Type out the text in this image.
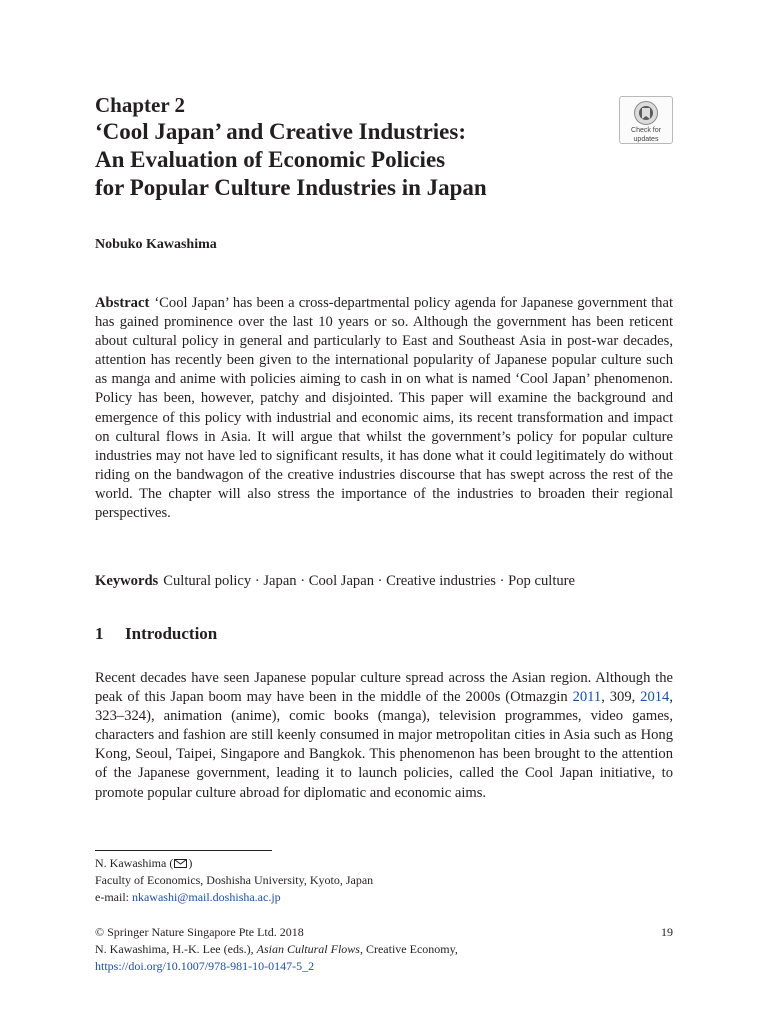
Chapter 2
‘Cool Japan’ and Creative Industries:
An Evaluation of Economic Policies
for Popular Culture Industries in Japan
Check for
updates
Nobuko Kawashima

Abstract ‘Cool Japan’ has been a cross-departmental policy agenda for Japanese government that has gained prominence over the last 10 years or so. Although the government has been reticent about cultural policy in general and particularly to East and Southeast Asia in post-war decades, attention has recently been given to the international popularity of Japanese popular culture such as manga and anime with policies aiming to cash in on what is named ‘Cool Japan’ phenomenon. Policy has been, however, patchy and disjointed. This paper will examine the background and emergence of this policy with industrial and economic aims, its recent transformation and impact on cultural flows in Asia. It will argue that whilst the government’s policy for popular culture industries may not have led to significant results, it has done what it could legitimately do without riding on the bandwagon of the creative industries discourse that has swept across the rest of the world. The chapter will also stress the importance of the industries to broaden their regional perspectives.

Keywords Cultural policy · Japan · Cool Japan · Creative industries · Pop culture
1 Introduction

Recent decades have seen Japanese popular culture spread across the Asian region. Although the peak of this Japan boom may have been in the middle of the 2000s (Otmazgin 2011, 309, 2014, 323–324), animation (anime), comic books (manga), television programmes, video games, characters and fashion are still keenly consumed in major metropolitan cities in Asia such as Hong Kong, Seoul, Taipei, Singapore and Bangkok. This phenomenon has been brought to the attention of the Japanese government, leading it to launch policies, called the Cool Japan initiative, to promote popular culture abroad for diplomatic and economic aims.

N. Kawashima ( )
Faculty of Economics, Doshisha University, Kyoto, Japan
e-mail: nkawashi@mail.doshisha.ac.jp
© Springer Nature Singapore Pte Ltd. 2018
N. Kawashima, H.-K. Lee (eds.), Asian Cultural Flows, Creative Economy,
https://doi.org/10.1007/978-981-10-0147-5_2
19
